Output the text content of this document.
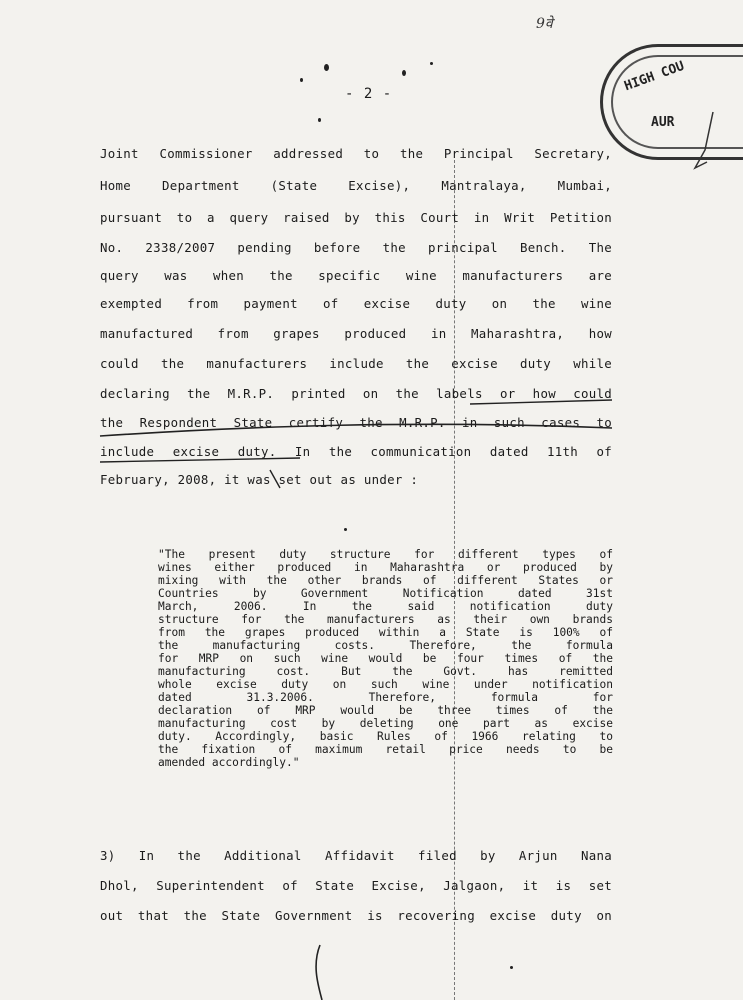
9वे
HIGH COU
AUR
- 2 -
Joint Commissioner addressed to the Principal Secretary,
Home Department (State Excise), Mantralaya, Mumbai,
pursuant to a query raised by this Court in Writ Petition
No. 2338/2007 pending before the principal Bench. The
query was when the specific wine manufacturers are
exempted from payment of excise duty on the wine
manufactured from grapes produced in Maharashtra, how
could the manufacturers include the excise duty while
declaring the M.R.P. printed on the labels or how could
the Respondent State certify the M.R.P. in such cases to
include excise duty. In the communication dated 11th of
February, 2008, it was set out as under :
"The present duty structure for different types of
wines either produced in Maharashtra or produced by
mixing with the other brands of different States or
Countries by Government Notification dated 31st
March, 2006. In the said notification duty
structure for the manufacturers as their own brands
from the grapes produced within a State is 100% of
the manufacturing costs. Therefore, the formula
for MRP on such wine would be four times of the
manufacturing cost. But the Govt. has remitted
whole excise duty on such wine under notification
dated 31.3.2006. Therefore, formula for
declaration of MRP would be three times of the
manufacturing cost by deleting one part as excise
duty. Accordingly, basic Rules of 1966 relating to
the fixation of maximum retail price needs to be
amended accordingly."
3) In the Additional Affidavit filed by Arjun Nana
Dhol, Superintendent of State Excise, Jalgaon, it is set
out that the State Government is recovering excise duty on
